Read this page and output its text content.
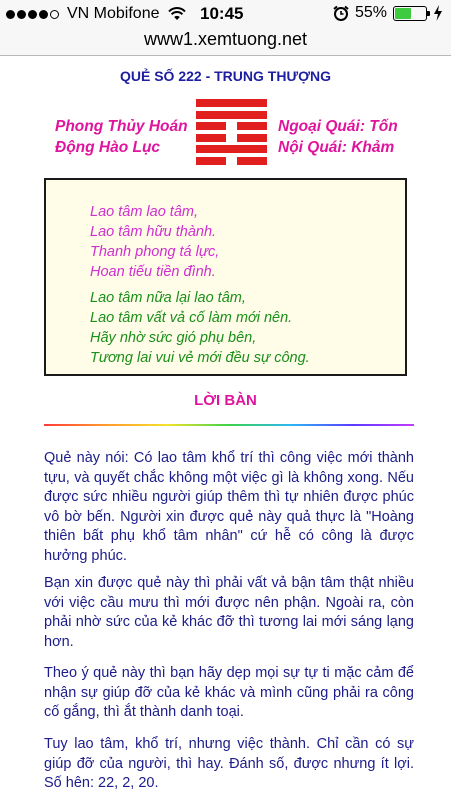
VN Mobifone 10:45	55%
www1.xemtuong.net
QUẺ SỐ 222 - TRUNG THƯỢNG
Phong Thủy Hoán
Động Hào Lục
Ngoại Quái: Tốn
Nội Quái: Khảm
Lao tâm lao tâm,
Lao tâm hữu thành.
Thanh phong tá lực,
Hoan tiếu tiền đình.
Lao tâm nữa lại lao tâm,
Lao tâm vất vả cố làm mới nên.
Hãy nhờ sức gió phụ bên,
Tương lai vui vẻ mới đều sự công.
LỜI BÀN

Quẻ này nói: Có lao tâm khổ trí thì công việc mới thành tựu, và quyết chắc không một việc gì là không xong. Nếu được sức nhiều người giúp thêm thì tự nhiên được phúc vô bờ bến. Người xin được quẻ này quả thực là "Hoàng thiên bất phụ khổ tâm nhân" cứ hễ có công là được hưởng phúc.

Bạn xin được quẻ này thì phải vất vả bận tâm thật nhiều với việc cầu mưu thì mới được nên phận. Ngoài ra, còn phải nhờ sức của kẻ khác đỡ thì tương lai mới sáng lạng hơn.

Theo ý quẻ này thì bạn hãy dẹp mọi sự tự ti mặc cảm để nhận sự giúp đỡ của kẻ khác và mình cũng phải ra công cố gắng, thì ắt thành danh toại.

Tuy lao tâm, khổ trí, nhưng việc thành. Chỉ cần có sự giúp đỡ của người, thì hay. Đánh số, được nhưng ít lợi. Số hên: 22, 2, 20.
